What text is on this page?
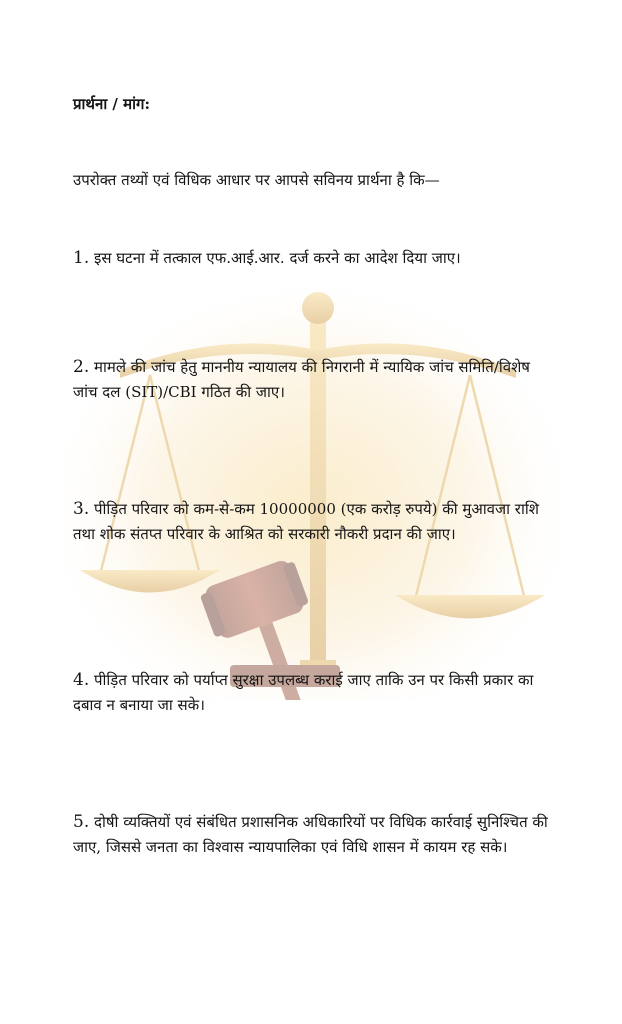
प्रार्थना / मांग:

उपरोक्त तथ्यों एवं विधिक आधार पर आपसे सविनय प्रार्थना है कि—

1. इस घटना में तत्काल एफ.आई.आर. दर्ज करने का आदेश दिया जाए।

2. मामले की जांच हेतु माननीय न्यायालय की निगरानी में न्यायिक जांच समिति/विशेष जांच दल (SIT)/CBI गठित की जाए।

3. पीड़ित परिवार को कम-से-कम 10000000 (एक करोड़ रुपये) की मुआवजा राशि तथा शोक संतप्त परिवार के आश्रित को सरकारी नौकरी प्रदान की जाए।

4. पीड़ित परिवार को पर्याप्त सुरक्षा उपलब्ध कराई जाए ताकि उन पर किसी प्रकार का दबाव न बनाया जा सके।

5. दोषी व्यक्तियों एवं संबंधित प्रशासनिक अधिकारियों पर विधिक कार्रवाई सुनिश्चित की जाए, जिससे जनता का विश्वास न्यायपालिका एवं विधि शासन में कायम रह सके।
